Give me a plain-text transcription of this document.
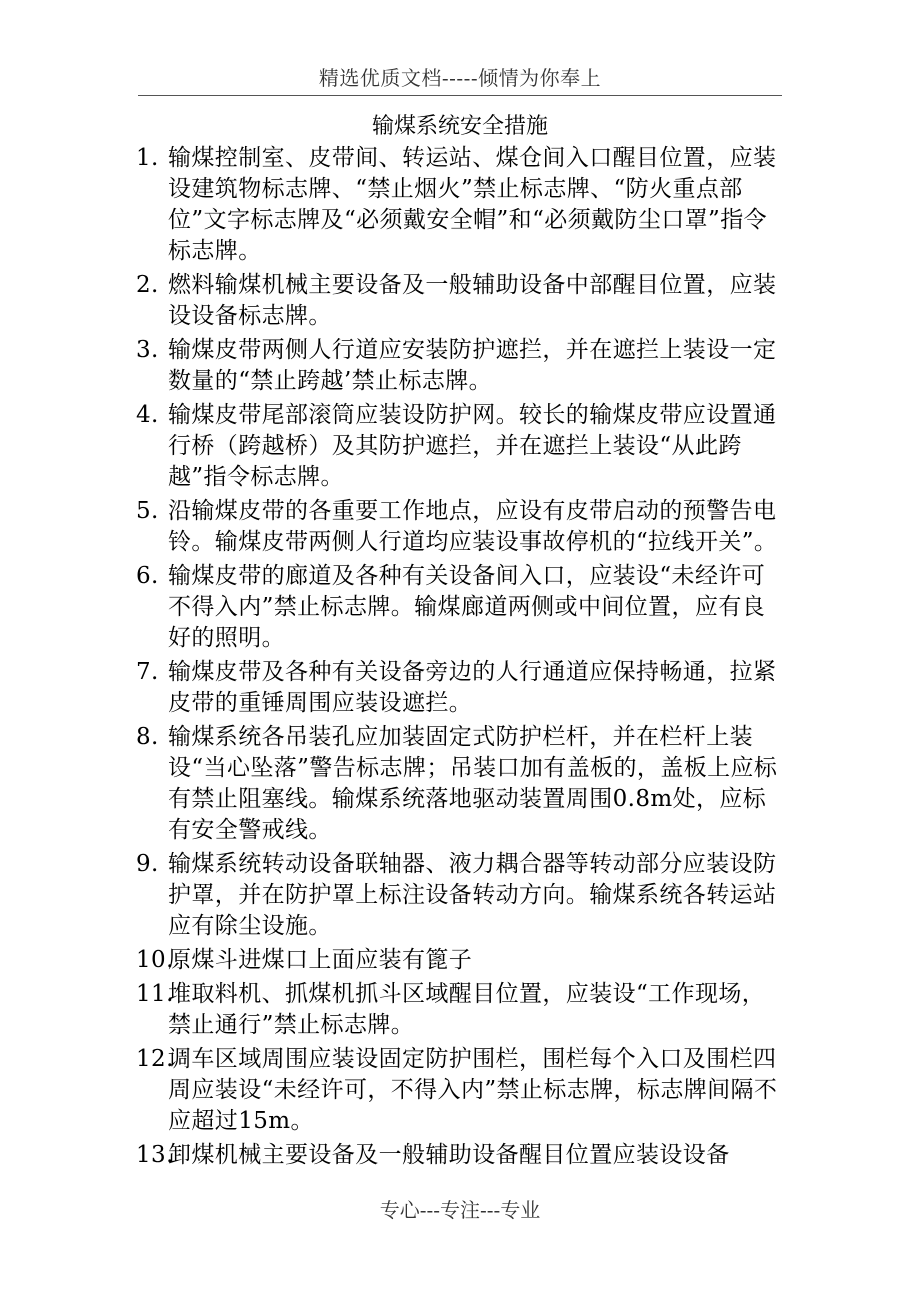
精选优质文档-----倾情为你奉上
输煤系统安全措施
1. 输煤控制室、皮带间、转运站、煤仓间入口醒目位置，应装设建筑物标志牌、“禁止烟火”禁止标志牌、“防火重点部位”文字标志牌及“必须戴安全帽”和“必须戴防尘口罩”指令标志牌。
2. 燃料输煤机械主要设备及一般辅助设备中部醒目位置，应装设设备标志牌。
3. 输煤皮带两侧人行道应安装防护遮拦，并在遮拦上装设一定数量的“禁止跨越’禁止标志牌。
4. 输煤皮带尾部滚筒应装设防护网。较长的输煤皮带应设置通行桥（跨越桥）及其防护遮拦，并在遮拦上装设“从此跨越”指令标志牌。
5. 沿输煤皮带的各重要工作地点，应设有皮带启动的预警告电铃。输煤皮带两侧人行道均应装设事故停机的“拉线开关”。
6. 输煤皮带的廊道及各种有关设备间入口，应装设“未经许可　　不得入内”禁止标志牌。输煤廊道两侧或中间位置，应有良好的照明。
7. 输煤皮带及各种有关设备旁边的人行通道应保持畅通，拉紧皮带的重锤周围应装设遮拦。
8. 输煤系统各吊装孔应加装固定式防护栏杆，并在栏杆上装设“当心坠落”警告标志牌；吊装口加有盖板的，盖板上应标有禁止阻塞线。输煤系统落地驱动装置周围0.8m处，应标有安全警戒线。
9. 输煤系统转动设备联轴器、液力耦合器等转动部分应装设防护罩，并在防护罩上标注设备转动方向。输煤系统各转运站应有除尘设施。
10.
原煤斗进煤口上面应装有篦子
11.
堆取料机、抓煤机抓斗区域醒目位置，应装设“工作现场，禁止通行”禁止标志牌。
12.
调车区域周围应装设固定防护围栏，围栏每个入口及围栏四周应装设“未经许可，不得入内”禁止标志牌，标志牌间隔不应超过15m。
13.
卸煤机械主要设备及一般辅助设备醒目位置应装设设备
专心---专注---专业
